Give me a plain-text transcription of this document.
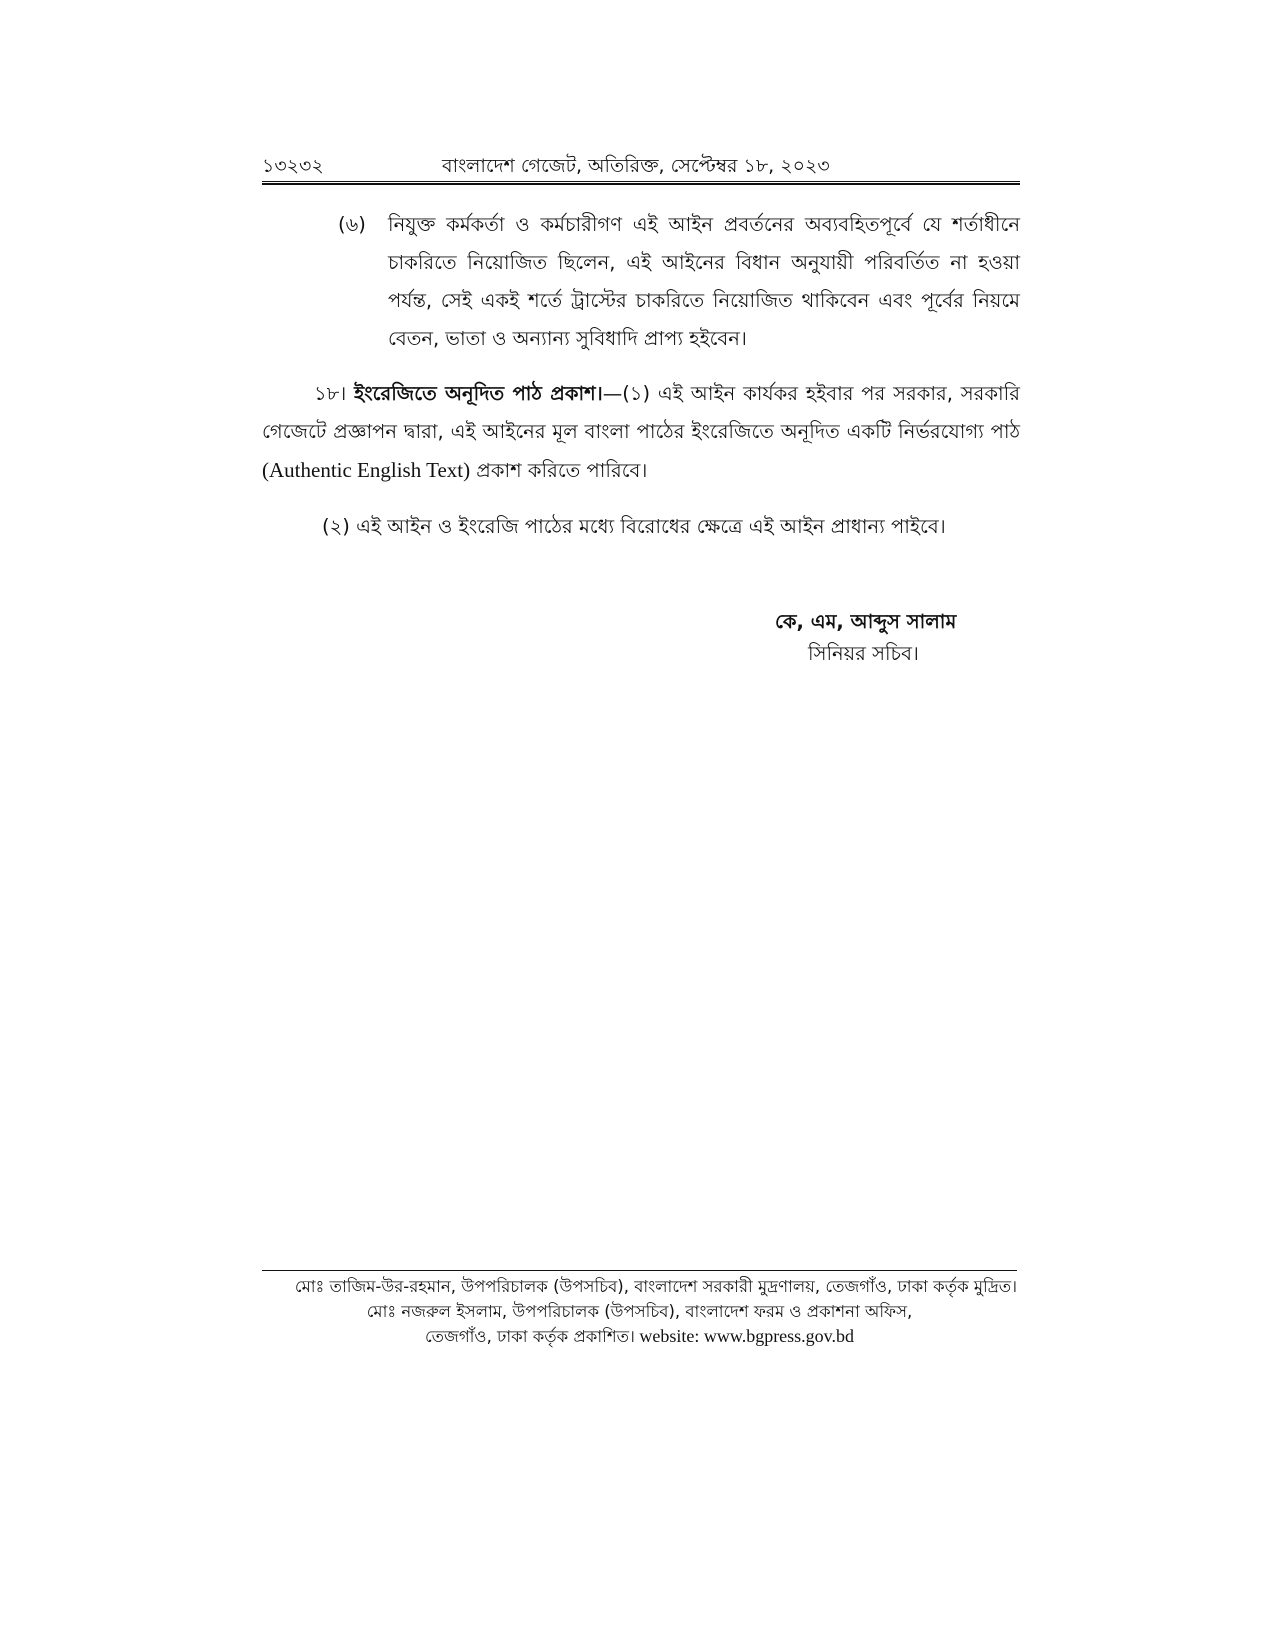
১৩২৩২	বাংলাদেশ গেজেট, অতিরিক্ত, সেপ্টেম্বর ১৮, ২০২৩
(৬) নিযুক্ত কর্মকর্তা ও কর্মচারীগণ এই আইন প্রবর্তনের অব্যবহিতপূর্বে যে শর্তাধীনে
চাকরিতে নিয়োজিত ছিলেন, এই আইনের বিধান অনুযায়ী পরিবর্তিত না হওয়া
পর্যন্ত, সেই একই শর্তে ট্রাস্টের চাকরিতে নিয়োজিত থাকিবেন এবং পূর্বের নিয়মে
বেতন, ভাতা ও অন্যান্য সুবিধাদি প্রাপ্য হইবেন।
১৮। ইংরেজিতে অনূদিত পাঠ প্রকাশ।—(১) এই আইন কার্যকর হইবার পর সরকার, সরকারি
গেজেটে প্রজ্ঞাপন দ্বারা, এই আইনের মূল বাংলা পাঠের ইংরেজিতে অনূদিত একটি নির্ভরযোগ্য পাঠ
(Authentic English Text) প্রকাশ করিতে পারিবে।
(২) এই আইন ও ইংরেজি পাঠের মধ্যে বিরোধের ক্ষেত্রে এই আইন প্রাধান্য পাইবে।
কে, এম, আব্দুস সালাম
সিনিয়র সচিব।
মোঃ তাজিম-উর-রহমান, উপপরিচালক (উপসচিব), বাংলাদেশ সরকারী মুদ্রণালয়, তেজগাঁও, ঢাকা কর্তৃক মুদ্রিত।
মোঃ নজরুল ইসলাম, উপপরিচালক (উপসচিব), বাংলাদেশ ফরম ও প্রকাশনা অফিস,
তেজগাঁও, ঢাকা কর্তৃক প্রকাশিত। website: www.bgpress.gov.bd
